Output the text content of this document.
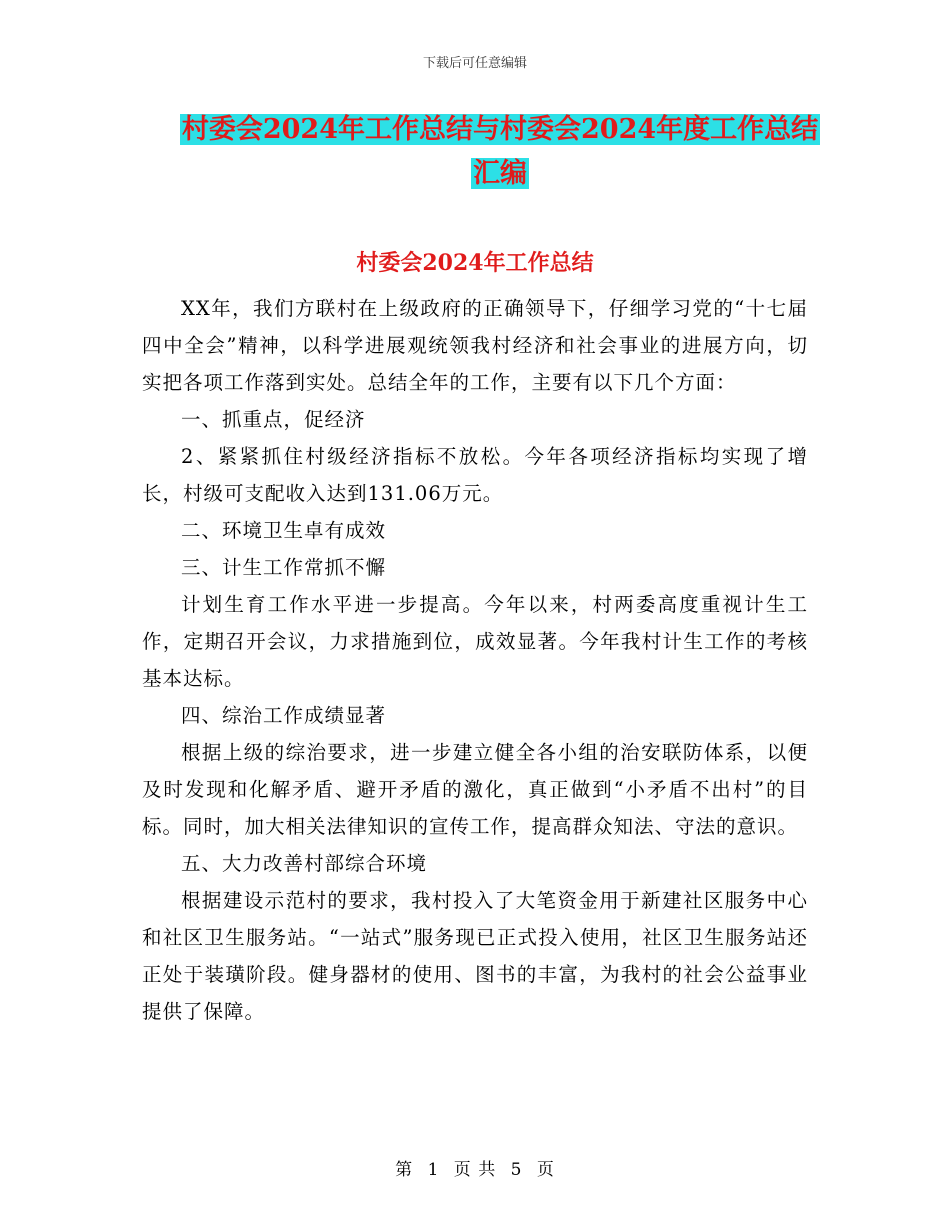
下载后可任意编辑
村委会2024年工作总结与村委会2024年度工作总结
汇编
村委会2024年工作总结

XX年，我们方联村在上级政府的正确领导下，仔细学习党的“十七届四中全会”精神，以科学进展观统领我村经济和社会事业的进展方向，切实把各项工作落到实处。总结全年的工作，主要有以下几个方面：

一、抓重点，促经济

2、紧紧抓住村级经济指标不放松。今年各项经济指标均实现了增长，村级可支配收入达到131.06万元。

二、环境卫生卓有成效

三、计生工作常抓不懈

计划生育工作水平进一步提高。今年以来，村两委高度重视计生工作，定期召开会议，力求措施到位，成效显著。今年我村计生工作的考核基本达标。

四、综治工作成绩显著

根据上级的综治要求，进一步建立健全各小组的治安联防体系，以便及时发现和化解矛盾、避开矛盾的激化，真正做到“小矛盾不出村”的目标。同时，加大相关法律知识的宣传工作，提高群众知法、守法的意识。

五、大力改善村部综合环境

根据建设示范村的要求，我村投入了大笔资金用于新建社区服务中心和社区卫生服务站。“一站式”服务现已正式投入使用，社区卫生服务站还正处于装璜阶段。健身器材的使用、图书的丰富，为我村的社会公益事业提供了保障。

第 1 页 共 5 页
